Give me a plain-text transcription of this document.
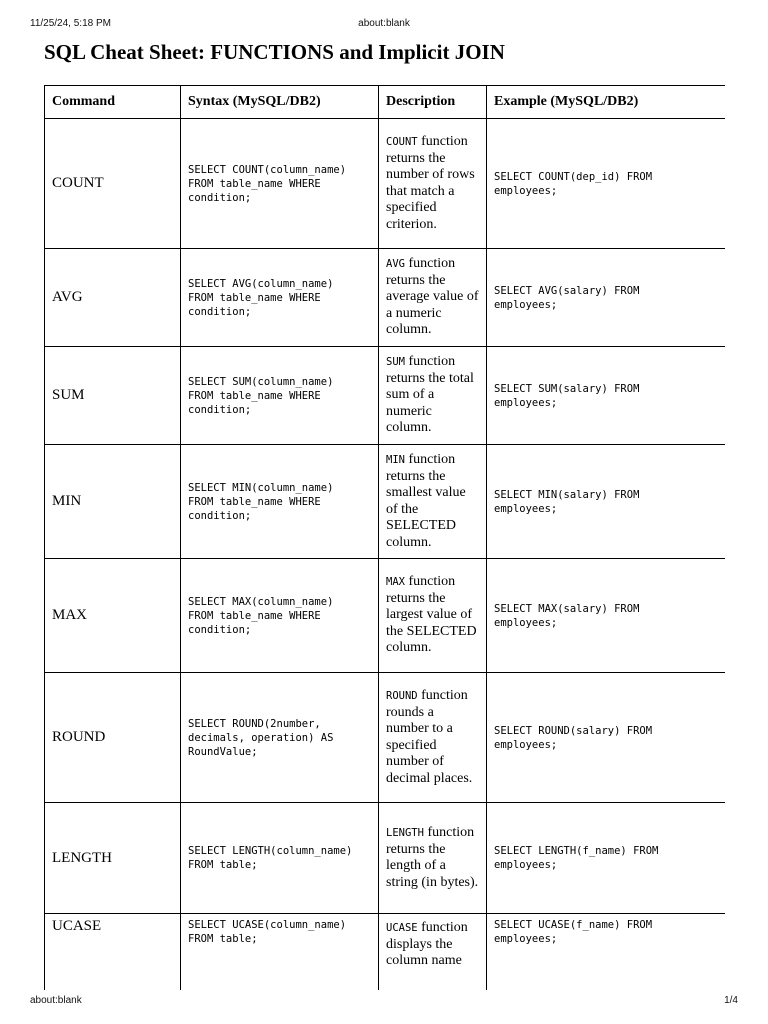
11/25/24, 5:18 PM	about:blank
SQL Cheat Sheet: FUNCTIONS and Implicit JOIN
Command	Syntax (MySQL/DB2)	Description	Example (MySQL/DB2)
COUNT	SELECT COUNT(column_name)
FROM table_name WHERE
condition;	COUNT function returns the number of rows that match a specified criterion.	SELECT COUNT(dep_id) FROM
employees;

AVG	SELECT AVG(column_name)
FROM table_name WHERE
condition;	AVG function returns the average value of a numeric column.	SELECT AVG(salary) FROM
employees;

SUM	SELECT SUM(column_name)
FROM table_name WHERE
condition;	SUM function returns the total sum of a numeric column.	SELECT SUM(salary) FROM
employees;

MIN	SELECT MIN(column_name)
FROM table_name WHERE
condition;	MIN function returns the smallest value of the SELECTED column.	SELECT MIN(salary) FROM
employees;

MAX	SELECT MAX(column_name)
FROM table_name WHERE
condition;	MAX function returns the largest value of the SELECTED column.	SELECT MAX(salary) FROM
employees;

ROUND	SELECT ROUND(2number,
decimals, operation) AS
RoundValue;	ROUND function rounds a number to a specified number of decimal places.	SELECT ROUND(salary) FROM
employees;

LENGTH	SELECT LENGTH(column_name)
FROM table;	LENGTH function returns the length of a string (in bytes).	SELECT LENGTH(f_name) FROM
employees;

UCASE	SELECT UCASE(column_name)
FROM table;	UCASE function displays the column name	SELECT UCASE(f_name) FROM
employees;
about:blank	1/4
